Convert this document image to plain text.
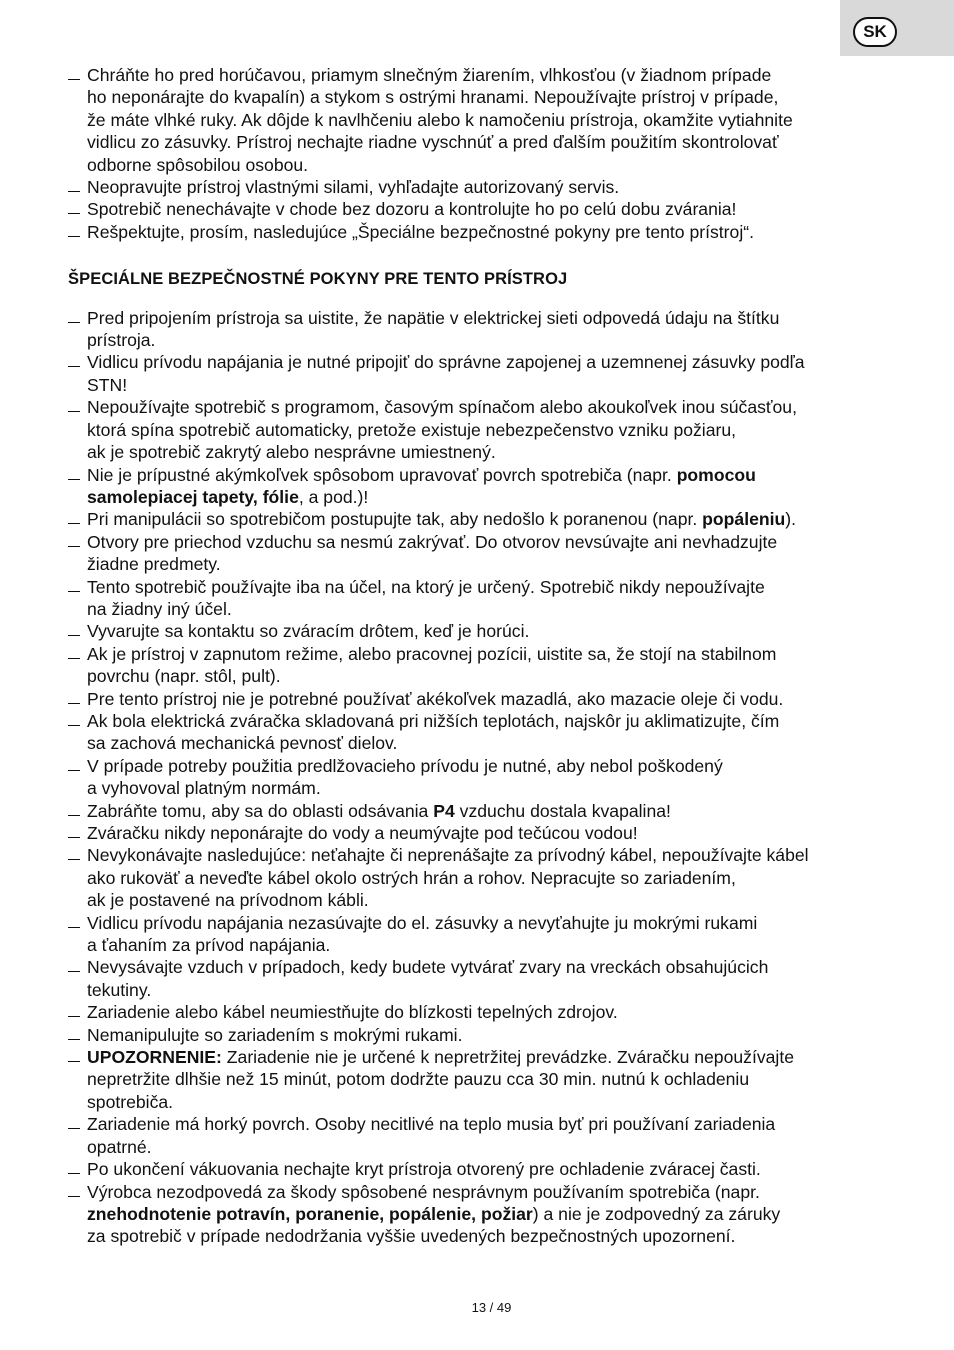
SK
Chráňte ho pred horúčavou, priamym slnečným žiarením, vlhkosťou (v žiadnom prípade
ho neponárajte do kvapalín) a stykom s ostrými hranami. Nepoužívajte prístroj v prípade,
že máte vlhké ruky. Ak dôjde k navlhčeniu alebo k namočeniu prístroja, okamžite vytiahnite
vidlicu zo zásuvky. Prístroj nechajte riadne vyschnúť a pred ďalším použitím skontrolovať
odborne spôsobilou osobou.
Neopravujte prístroj vlastnými silami, vyhľadajte autorizovaný servis.
Spotrebič nenechávajte v chode bez dozoru a kontrolujte ho po celú dobu zvárania!
Rešpektujte, prosím, nasledujúce „Špeciálne bezpečnostné pokyny pre tento prístroj“.
ŠPECIÁLNE BEZPEČNOSTNÉ POKYNY PRE TENTO PRÍSTROJ
Pred pripojením prístroja sa uistite, že napätie v elektrickej sieti odpovedá údaju na štítku
prístroja.
Vidlicu prívodu napájania je nutné pripojiť do správne zapojenej a uzemnenej zásuvky podľa
STN!
Nepoužívajte spotrebič s programom, časovým spínačom alebo akoukoľvek inou súčasťou,
ktorá spína spotrebič automaticky, pretože existuje nebezpečenstvo vzniku požiaru,
ak je spotrebič zakrytý alebo nesprávne umiestnený.
Nie je prípustné akýmkoľvek spôsobom upravovať povrch spotrebiča (napr. pomocou
samolepiacej tapety, fólie, a pod.)!
Pri manipulácii so spotrebičom postupujte tak, aby nedošlo k poranenou (napr. popáleniu).
Otvory pre priechod vzduchu sa nesmú zakrývať. Do otvorov nevsúvajte ani nevhadzujte
žiadne predmety.
Tento spotrebič používajte iba na účel, na ktorý je určený. Spotrebič nikdy nepoužívajte
na žiadny iný účel.
Vyvarujte sa kontaktu so zváracím drôtem, keď je horúci.
Ak je prístroj v zapnutom režime, alebo pracovnej pozícii, uistite sa, že stojí na stabilnom
povrchu (napr. stôl, pult).
Pre tento prístroj nie je potrebné používať akékoľvek mazadlá, ako mazacie oleje či vodu.
Ak bola elektrická zváračka skladovaná pri nižších teplotách, najskôr ju aklimatizujte, čím
sa zachová mechanická pevnosť dielov.
V prípade potreby použitia predlžovacieho prívodu je nutné, aby nebol poškodený
a vyhovoval platným normám.
Zabráňte tomu, aby sa do oblasti odsávania P4 vzduchu dostala kvapalina!
Zváračku nikdy neponárajte do vody a neumývajte pod tečúcou vodou!
Nevykonávajte nasledujúce: neťahajte či neprenášajte za prívodný kábel, nepoužívajte kábel
ako rukoväť a neveďte kábel okolo ostrých hrán a rohov. Nepracujte so zariadením,
ak je postavené na prívodnom kábli.
Vidlicu prívodu napájania nezasúvajte do el. zásuvky a nevyťahujte ju mokrými rukami
a ťahaním za prívod napájania.
Nevysávajte vzduch v prípadoch, kedy budete vytvárať zvary na vreckách obsahujúcich
tekutiny.
Zariadenie alebo kábel neumiestňujte do blízkosti tepelných zdrojov.
Nemanipulujte so zariadením s mokrými rukami.
UPOZORNENIE: Zariadenie nie je určené k nepretržitej prevádzke. Zváračku nepoužívajte
nepretržite dlhšie než 15 minút, potom dodržte pauzu cca 30 min. nutnú k ochladeniu
spotrebiča.
Zariadenie má horký povrch. Osoby necitlivé na teplo musia byť pri používaní zariadenia
opatrné.
Po ukončení vákuovania nechajte kryt prístroja otvorený pre ochladenie zváracej časti.
Výrobca nezodpovedá za škody spôsobené nesprávnym používaním spotrebiča (napr.
znehodnotenie potravín, poranenie, popálenie, požiar) a nie je zodpovedný za záruky
za spotrebič v prípade nedodržania vyššie uvedených bezpečnostných upozornení.
13 / 49
